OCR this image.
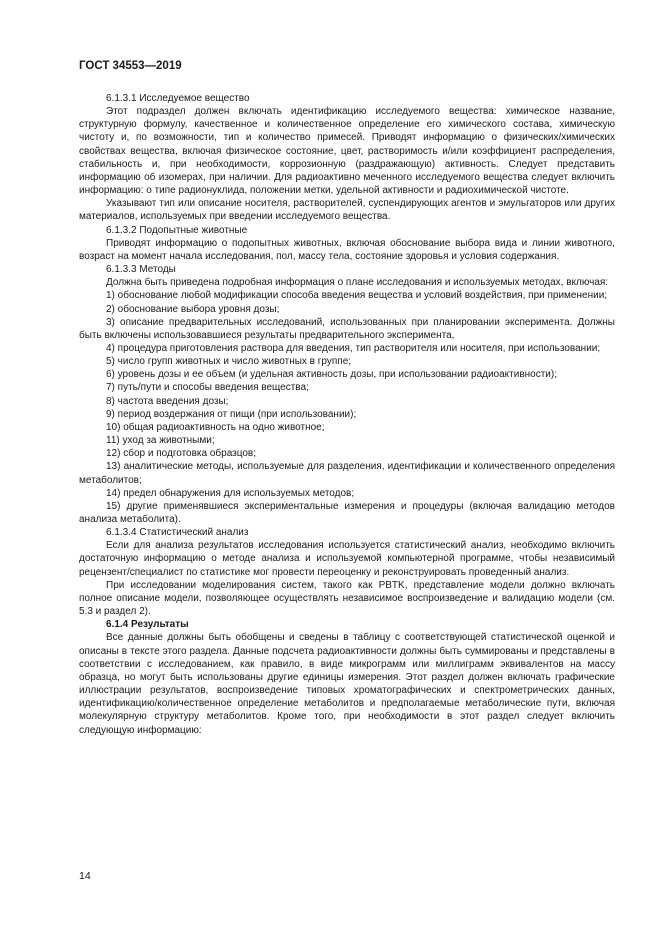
ГОСТ 34553—2019

6.1.3.1 Исследуемое вещество

Этот подраздел должен включать идентификацию исследуемого вещества: химическое название, структурную формулу, качественное и количественное определение его химического состава, химическую чистоту и, по возможности, тип и количество примесей. Приводят информацию о физических/химических свойствах вещества, включая физическое состояние, цвет, растворимость и/или коэффициент распределения, стабильность и, при необходимости, коррозионную (раздражающую) активность. Следует представить информацию об изомерах, при наличии. Для радиоактивно меченного исследуемого вещества следует включить информацию: о типе радионуклида, положении метки, удельной активности и радиохимической чистоте.

Указывают тип или описание носителя, растворителей, суспендирующих агентов и эмульгаторов или других материалов, используемых при введении исследуемого вещества.

6.1.3.2 Подопытные животные

Приводят информацию о подопытных животных, включая обоснование выбора вида и линии животного, возраст на момент начала исследования, пол, массу тела, состояние здоровья и условия содержания.

6.1.3.3 Методы

Должна быть приведена подробная информация о плане исследования и используемых методах, включая:

1) обоснование любой модификации способа введения вещества и условий воздействия, при применении;

2) обоснование выбора уровня дозы;

3) описание предварительных исследований, использованных при планировании эксперимента. Должны быть включены использовавшиеся результаты предварительного эксперимента,

4) процедура приготовления раствора для введения, тип растворителя или носителя, при использовании;

5) число групп животных и число животных в группе;

6) уровень дозы и ее объем (и удельная активность дозы, при использовании радиоактивности);

7) путь/пути и способы введения вещества;

8) частота введения дозы;

9) период воздержания от пищи (при использовании);

10) общая радиоактивность на одно животное;

11) уход за животными;

12) сбор и подготовка образцов;

13) аналитические методы, используемые для разделения, идентификации и количественного определения метаболитов;

14) предел обнаружения для используемых методов;

15) другие применявшиеся экспериментальные измерения и процедуры (включая валидацию методов анализа метаболита).

6.1.3.4 Статистический анализ

Если для анализа результатов исследования используется статистический анализ, необходимо включить достаточную информацию о методе анализа и используемой компьютерной программе, чтобы независимый рецензент/специалист по статистике мог провести переоценку и реконструировать проведенный анализ.

При исследовании моделирования систем, такого как PBTK, представление модели должно включать полное описание модели, позволяющее осуществлять независимое воспроизведение и валидацию модели (см. 5.3 и раздел 2).

6.1.4 Результаты

Все данные должны быть обобщены и сведены в таблицу с соответствующей статистической оценкой и описаны в тексте этого раздела. Данные подсчета радиоактивности должны быть суммированы и представлены в соответствии с исследованием, как правило, в виде микрограмм или миллиграмм эквивалентов на массу образца, но могут быть использованы другие единицы измерения. Этот раздел должен включать графические иллюстрации результатов, воспроизведение типовых хроматографических и спектрометрических данных, идентификацию/количественное определение метаболитов и предполагаемые метаболические пути, включая молекулярную структуру метаболитов. Кроме того, при необходимости в этот раздел следует включить следующую информацию:

14
